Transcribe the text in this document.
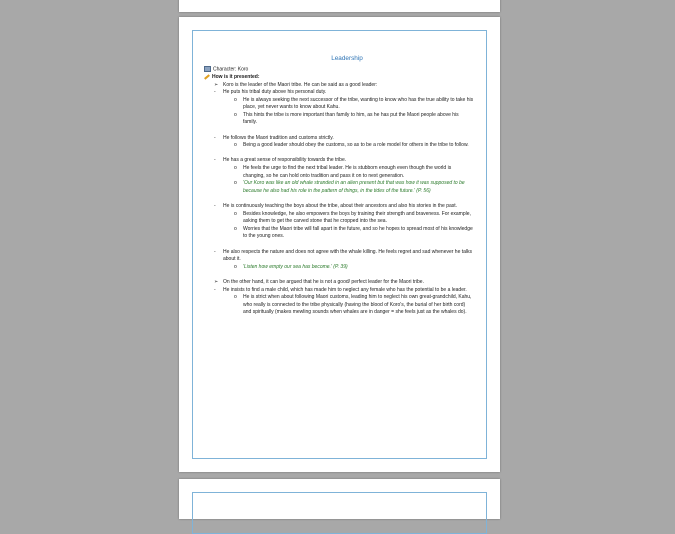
Leadership
Character: Koro
How is it presented:
➢ Koro is the leader of the Maori tribe. He can be said as a good leader:
-	He puts his tribal duty above his personal duty.
o	He is always seeking the next successor of the tribe, wanting to know who has the true ability to take his place, yet never wants to know about Kahu.
o	This hints the tribe is more important than family to him, as he has put the Maori people above his family.
-	He follows the Maori tradition and customs strictly.
o	Being a good leader should obey the customs, so as to be a role model for others in the tribe to follow.
-	He has a great sense of responsibility towards the tribe.
o	He feels the urge to find the next tribal leader. He is stubborn enough even though the world is changing, so he can hold onto tradition and pass it on to next generation.
o	'Our Koro was like an old whale stranded in an alien present but that was how it was supposed to be because he also had his role in the pattern of things, in the tides of the future.' (P. 56)
-	He is continuously teaching the boys about the tribe, about their ancestors and also his stories in the past.
o	Besides knowledge, he also empowers the boys by training their strength and braveness. For example, asking them to get the carved stone that he cropped into the sea.
o	Worries that the Maori tribe will fall apart in the future, and so he hopes to spread most of his knowledge to the young ones.
-	He also respects the nature and does not agree with the whale killing. He feels regret and sad whenever he talks about it.
o	'Listen how empty our sea has become.' (P. 39)
➢ On the other hand, it can be argued that he is not a good/ perfect leader for the Maori tribe.
-	He insists to find a male child, which has made him to neglect any female who has the potential to be a leader.
o	He is strict when about following Maori customs, leading him to neglect his own great-grandchild, Kahu, who really is connected to the tribe physically (having the blood of Koro's, the burial of her birth cord) and spiritually (makes mewling sounds when whales are in danger = she feels just as the whales do).
